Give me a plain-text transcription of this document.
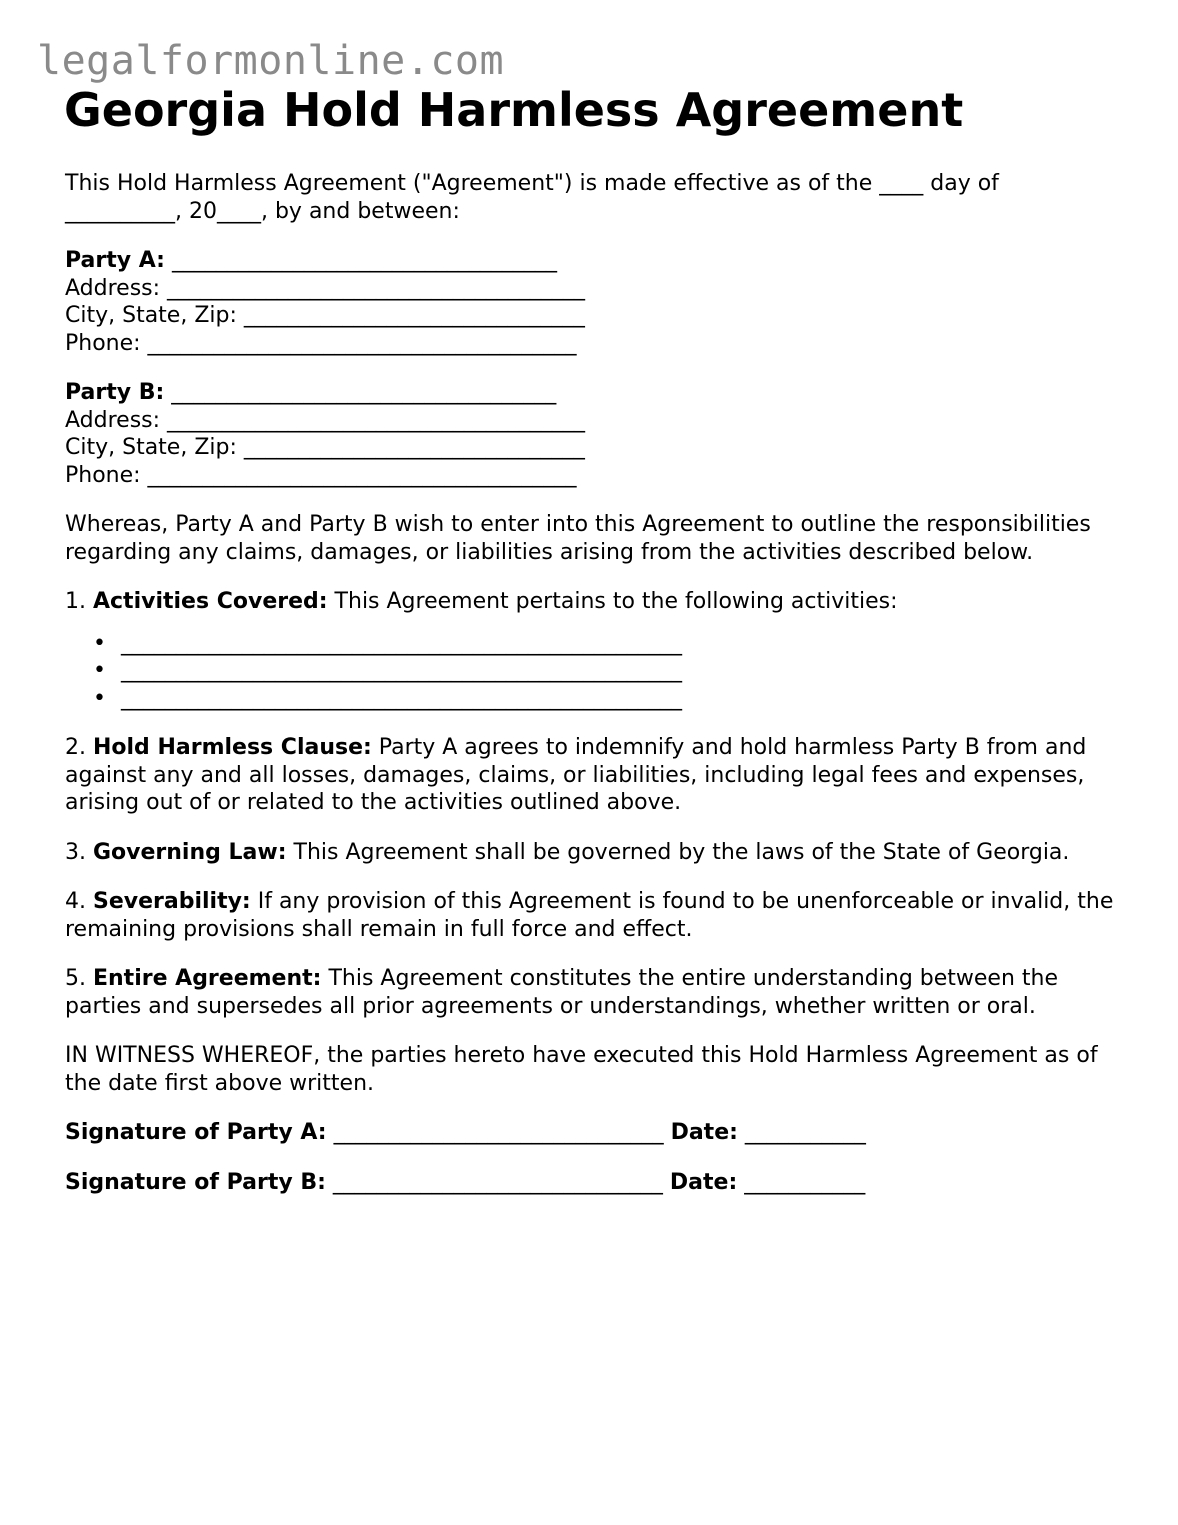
legalformonline.com
Georgia Hold Harmless Agreement
This Hold Harmless Agreement ("Agreement") is made effective as of the ____ day of
__________, 20____, by and between:
Party A: ___________________________________
Address: ______________________________________
City, State, Zip: _______________________________
Phone: _______________________________________
Party B: ___________________________________
Address: ______________________________________
City, State, Zip: _______________________________
Phone: _______________________________________

Whereas, Party A and Party B wish to enter into this Agreement to outline the responsibilities regarding any claims, damages, or liabilities arising from the activities described below.

1. Activities Covered: This Agreement pertains to the following activities:

• ___________________________________________________
• ___________________________________________________
• ___________________________________________________

2. Hold Harmless Clause: Party A agrees to indemnify and hold harmless Party B from and against any and all losses, damages, claims, or liabilities, including legal fees and expenses, arising out of or related to the activities outlined above.

3. Governing Law: This Agreement shall be governed by the laws of the State of Georgia.

4. Severability: If any provision of this Agreement is found to be unenforceable or invalid, the remaining provisions shall remain in full force and effect.

5. Entire Agreement: This Agreement constitutes the entire understanding between the parties and supersedes all prior agreements or understandings, whether written or oral.

IN WITNESS WHEREOF, the parties hereto have executed this Hold Harmless Agreement as of the date first above written.

Signature of Party A: ______________________________ Date: ___________
Signature of Party B: ______________________________ Date: ___________
